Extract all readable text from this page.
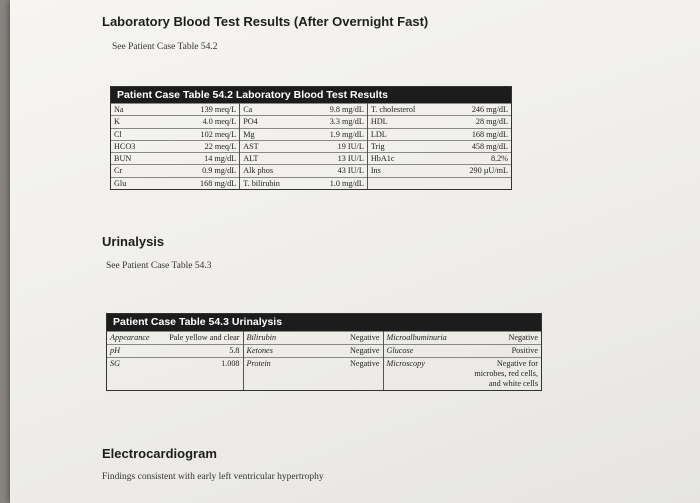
Laboratory Blood Test Results (After Overnight Fast)
See Patient Case Table 54.2
Patient Case Table 54.2 Laboratory Blood Test Results
Na	139 meq/L	Ca	9.8 mg/dL	T. cholesterol	246 mg/dL
K	4.0 meq/L	PO4	3.3 mg/dL	HDL	28 mg/dL
Cl	102 meq/L	Mg	1.9 mg/dL	LDL	168 mg/dL
HCO3	22 meq/L	AST	19 IU/L	Trig	458 mg/dL
BUN	14 mg/dL	ALT	13 IU/L	HbA1c	8.2%
Cr	0.9 mg/dL	Alk phos	43 IU/L	Ins	290 µU/mL
Glu	168 mg/dL	T. bilirubin	1.0 mg/dL		
Urinalysis
See Patient Case Table 54.3
Patient Case Table 54.3 Urinalysis
Appearance	Pale yellow and clear	Bilirubin	Negative	Microalbuminuria	Negative
pH	5.8	Ketones	Negative	Glucose	Positive
SG	1.008	Protein	Negative	Microscopy	Negative for microbes, red cells, and white cells
Electrocardiogram
Findings consistent with early left ventricular hypertrophy
